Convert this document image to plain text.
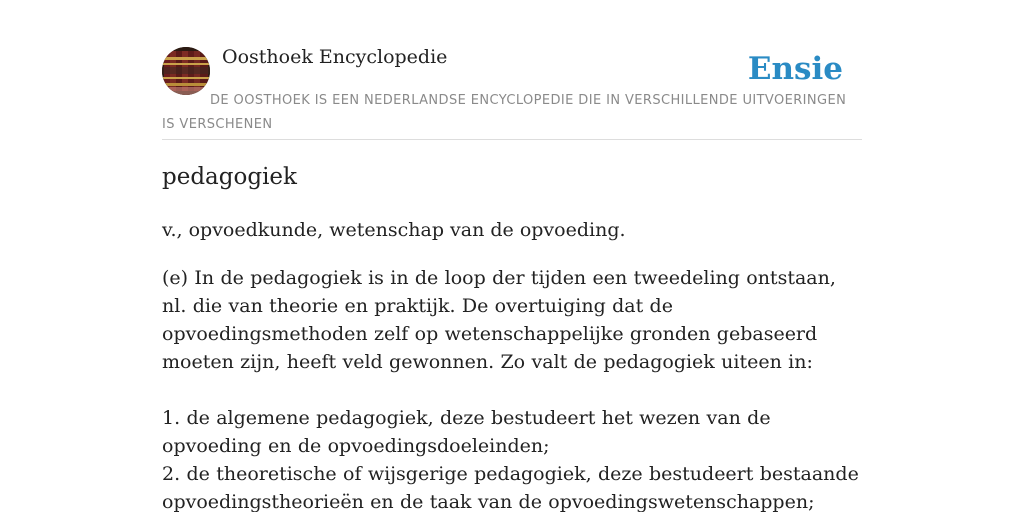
Oosthoek Encyclopedie	Ensie
DE OOSTHOEK IS EEN NEDERLANDSE ENCYCLOPEDIE DIE IN VERSCHILLENDE UITVOERINGEN IS VERSCHENEN
pedagogiek
v., opvoedkunde, wetenschap van de opvoeding.

(e) In de pedagogiek is in de loop der tijden een tweedeling ontstaan, nl. die van theorie en praktijk. De overtuiging dat de opvoedingsmethoden zelf op wetenschappelijke gronden gebaseerd moeten zijn, heeft veld gewonnen. Zo valt de pedagogiek uiteen in:

1. de algemene pedagogiek, deze bestudeert het wezen van de opvoeding en de opvoedingsdoeleinden;

2. de theoretische of wijsgerige pedagogiek, deze bestudeert bestaande opvoedingstheorieën en de taak van de opvoedingswetenschappen;
